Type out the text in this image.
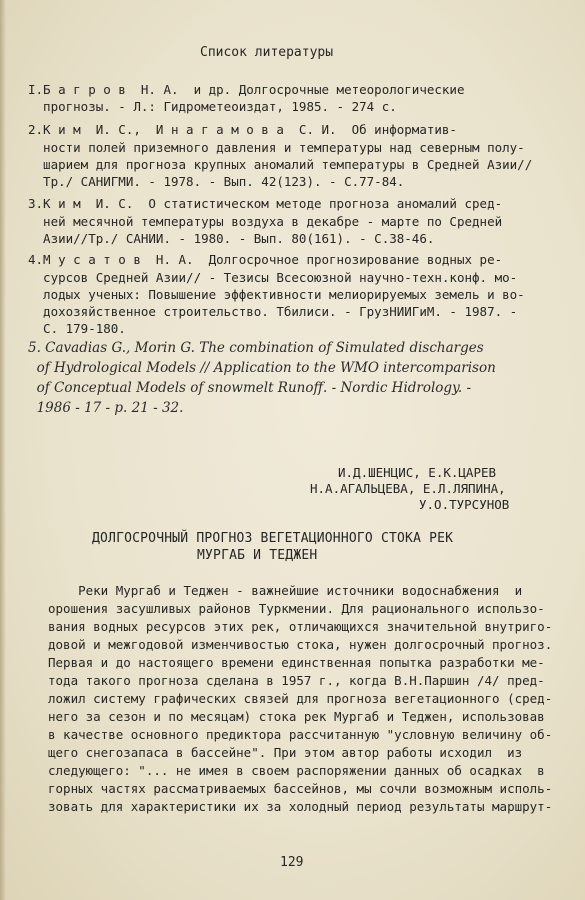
Список литературы
I.Б а г р о в  Н. А.  и др. Долгосрочные метеорологические
прогнозы. - Л.: Гидрометеоиздат, 1985. - 274 с.
2.К и м  И. С.,  И н а г а м о в а  С. И.  Об информатив-
ности полей приземного давления и температуры над северным полу-
шарием для прогноза крупных аномалий температуры в Средней Азии//
Тр./ САНИГМИ. - 1978. - Вып. 42(123). - С.77-84.
3.К и м  И. С.  О статистическом методе прогноза аномалий сред-
ней месячной температуры воздуха в декабре - марте по Средней
Азии//Тр./ САНИИ. - 1980. - Вып. 80(161). - С.38-46.
4.М у с а т о в  Н. А.  Долгосрочное прогнозирование водных ре-
сурсов Средней Азии// - Тезисы Всесоюзной научно-техн.конф. мо-
лодых ученых: Повышение эффективности мелиорируемых земель и во-
дохозяйственное строительство. Тбилиси. - ГрузНИИГиМ. - 1987. -
С. 179-180.
5. Cavadias G., Morin G. The combination of Simulated discharges
of Hydrological Models // Application to the WMO intercomparison
of Conceptual Models of snowmelt Runoff. - Nordic Hidrology. -
1986 - 17 - p. 21 - 32.
И.Д.ШЕНЦИС, Е.К.ЦАРЕВ
Н.А.АГАЛЬЦЕВА, Е.Л.ЛЯПИНА,
У.О.ТУРСУНОВ
ДОЛГОСРОЧНЫЙ ПРОГНОЗ ВЕГЕТАЦИОННОГО СТОКА РЕК
МУРГАБ И ТЕДЖЕН
Реки Мургаб и Теджен - важнейшие источники водоснабжения  и
орошения засушливых районов Туркмении. Для рационального использо-
вания водных ресурсов этих рек, отличающихся значительной внутриго-
довой и межгодовой изменчивостью стока, нужен долгосрочный прогноз.
Первая и до настоящего времени единственная попытка разработки ме-
тода такого прогноза сделана в 1957 г., когда В.Н.Паршин /4/ пред-
ложил систему графических связей для прогноза вегетационного (сред-
него за сезон и по месяцам) стока рек Мургаб и Теджен, использовав
в качестве основного предиктора рассчитанную "условную величину об-
щего снегозапаса в бассейне". При этом автор работы исходил  из
следующего: "... не имея в своем распоряжении данных об осадках  в
горных частях рассматриваемых бассейнов, мы сочли возможным исполь-
зовать для характеристики их за холодный период результаты маршрут-
129
